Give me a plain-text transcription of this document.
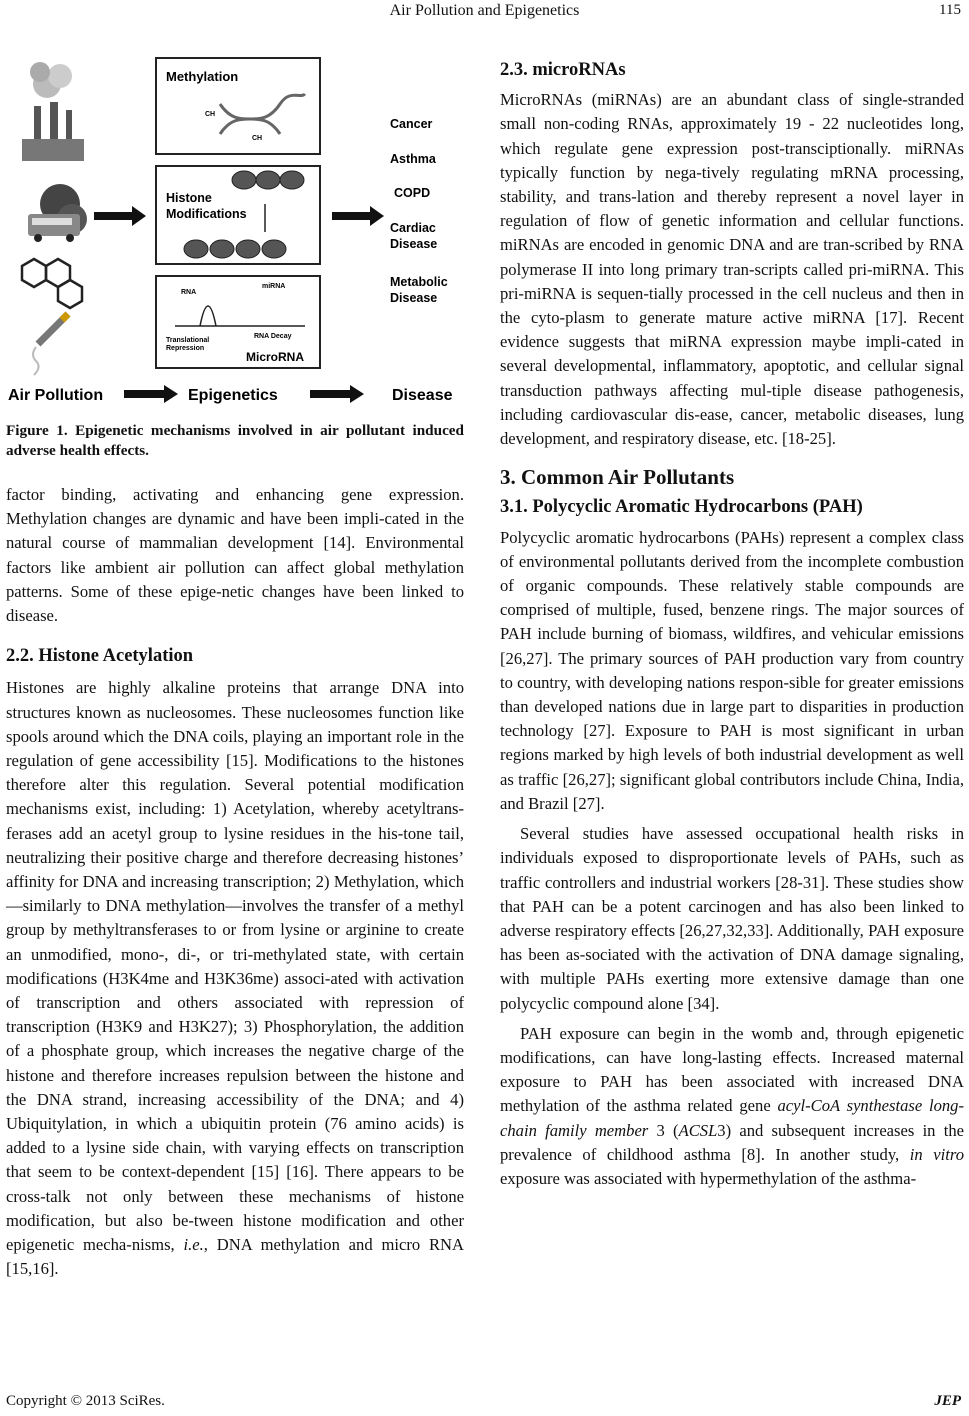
Air Pollution and Epigenetics	115
Methylation
CH
CH
Histone
Modifications
RNA
miRNA
Translational
Repression
RNA Decay
MicroRNA
Cancer
Asthma
COPD
Cardiac
Disease
Metabolic
Disease
Air Pollution	Epigenetics	Disease
Figure 1. Epigenetic mechanisms involved in air pollutant induced adverse health effects.

factor binding, activating and enhancing gene expression. Methylation changes are dynamic and have been impli-cated in the natural course of mammalian development [14]. Environmental factors like ambient air pollution can affect global methylation patterns. Some of these epige-netic changes have been linked to disease.

2.2. Histone Acetylation

Histones are highly alkaline proteins that arrange DNA into structures known as nucleosomes. These nucleosomes function like spools around which the DNA coils, playing an important role in the regulation of gene accessibility [15]. Modifications to the histones therefore alter this regulation. Several potential modification mechanisms exist, including: 1) Acetylation, whereby acetyltrans-ferases add an acetyl group to lysine residues in the his-tone tail, neutralizing their positive charge and therefore decreasing histones’ affinity for DNA and increasing transcription; 2) Methylation, which—similarly to DNA methylation—involves the transfer of a methyl group by methyltransferases to or from lysine or arginine to create an unmodified, mono-, di-, or tri-methylated state, with certain modifications (H3K4me and H3K36me) associ-ated with activation of transcription and others associated with repression of transcription (H3K9 and H3K27); 3) Phosphorylation, the addition of a phosphate group, which increases the negative charge of the histone and therefore increases repulsion between the histone and the DNA strand, increasing accessibility of the DNA; and 4) Ubiquitylation, in which a ubiquitin protein (76 amino acids) is added to a lysine side chain, with varying effects on transcription that seem to be context-dependent [15] [16]. There appears to be cross-talk not only between these mechanisms of histone modification, but also be-tween histone modification and other epigenetic mecha-nisms, i.e., DNA methylation and micro RNA [15,16].

2.3. microRNAs

MicroRNAs (miRNAs) are an abundant class of single-stranded small non-coding RNAs, approximately 19 - 22 nucleotides long, which regulate gene expression post-transciptionally. miRNAs typically function by nega-tively regulating mRNA processing, stability, and trans-lation and thereby represent a novel layer in regulation of flow of genetic information and cellular functions. miRNAs are encoded in genomic DNA and are tran-scribed by RNA polymerase II into long primary tran-scripts called pri-miRNA. This pri-miRNA is sequen-tially processed in the cell nucleus and then in the cyto-plasm to generate mature active miRNA [17]. Recent evidence suggests that miRNA expression maybe impli-cated in several developmental, inflammatory, apoptotic, and cellular signal transduction pathways affecting mul-tiple disease pathogenesis, including cardiovascular dis-ease, cancer, metabolic diseases, lung development, and respiratory disease, etc. [18-25].

3. Common Air Pollutants
3.1. Polycyclic Aromatic Hydrocarbons (PAH)

Polycyclic aromatic hydrocarbons (PAHs) represent a complex class of environmental pollutants derived from the incomplete combustion of organic compounds. These relatively stable compounds are comprised of multiple, fused, benzene rings. The major sources of PAH include burning of biomass, wildfires, and vehicular emissions [26,27]. The primary sources of PAH production vary from country to country, with developing nations respon-sible for greater emissions than developed nations due in large part to disparities in production technology [27]. Exposure to PAH is most significant in urban regions marked by high levels of both industrial development as well as traffic [26,27]; significant global contributors include China, India, and Brazil [27].

Several studies have assessed occupational health risks in individuals exposed to disproportionate levels of PAHs, such as traffic controllers and industrial workers [28-31]. These studies show that PAH can be a potent carcinogen and has also been linked to adverse respiratory effects [26,27,32,33]. Additionally, PAH exposure has been as-sociated with the activation of DNA damage signaling, with multiple PAHs exerting more extensive damage than one polycyclic compound alone [34].

PAH exposure can begin in the womb and, through epigenetic modifications, can have long-lasting effects. Increased maternal exposure to PAH has been associated with increased DNA methylation of the asthma related gene acyl-CoA synthestase long-chain family member 3 (ACSL3) and subsequent increases in the prevalence of childhood asthma [8]. In another study, in vitro exposure was associated with hypermethylation of the asthma-

Copyright © 2013 SciRes.	JEP
